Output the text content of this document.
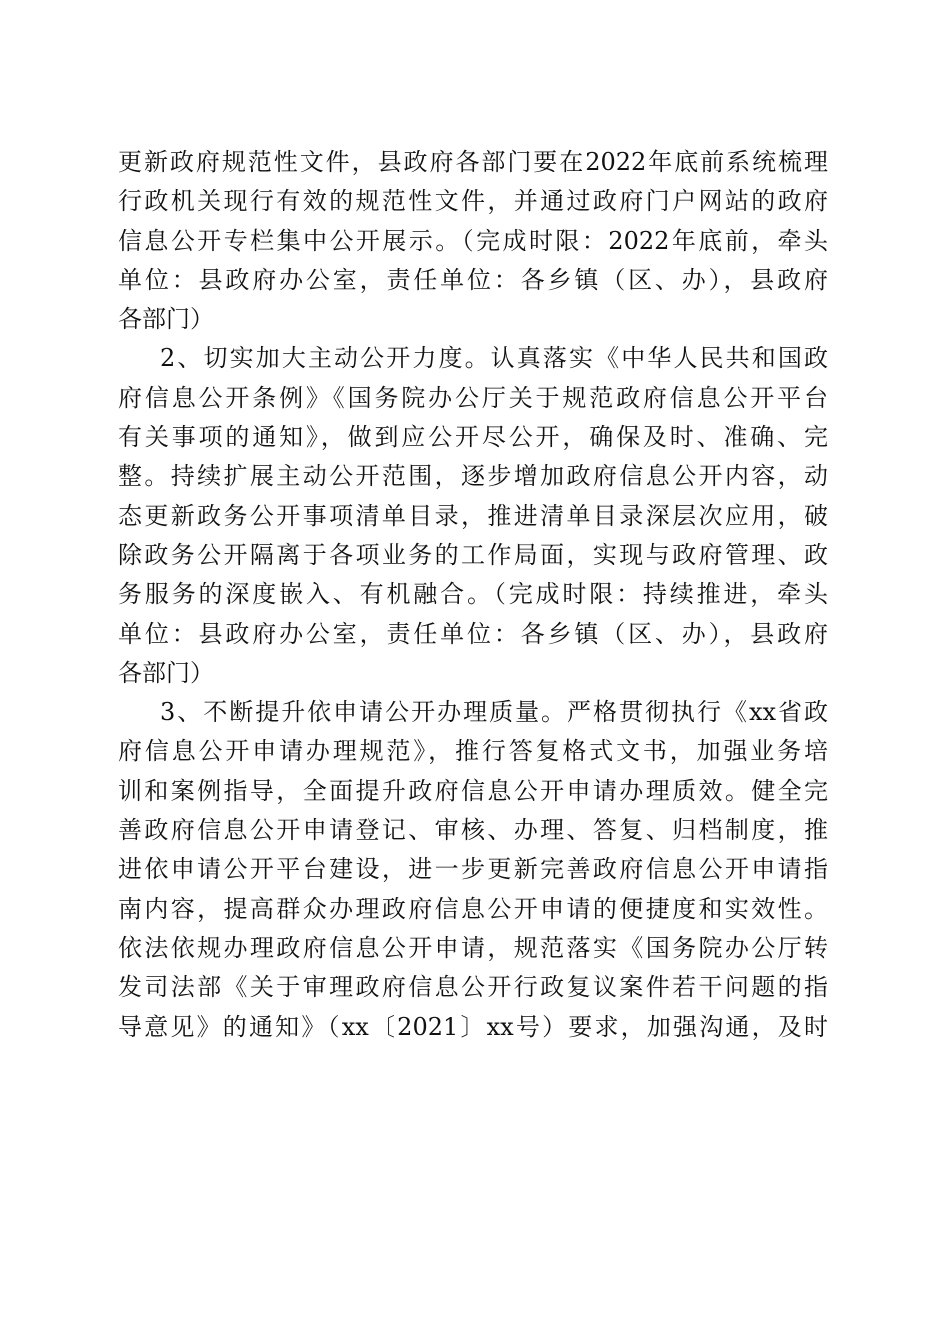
更新政府规范性文件，县政府各部门要在2022年底前系统梳理
行政机关现行有效的规范性文件，并通过政府门户网站的政府
信息公开专栏集中公开展示。（完成时限：2022年底前，牵头
单位：县政府办公室，责任单位：各乡镇（区、办），县政府
各部门）
2、切实加大主动公开力度。认真落实《中华人民共和国政
府信息公开条例》《国务院办公厅关于规范政府信息公开平台
有关事项的通知》，做到应公开尽公开，确保及时、准确、完
整。持续扩展主动公开范围，逐步增加政府信息公开内容，动
态更新政务公开事项清单目录，推进清单目录深层次应用，破
除政务公开隔离于各项业务的工作局面，实现与政府管理、政
务服务的深度嵌入、有机融合。（完成时限：持续推进，牵头
单位：县政府办公室，责任单位：各乡镇（区、办），县政府
各部门）
3、不断提升依申请公开办理质量。严格贯彻执行《xx省政
府信息公开申请办理规范》，推行答复格式文书，加强业务培
训和案例指导，全面提升政府信息公开申请办理质效。健全完
善政府信息公开申请登记、审核、办理、答复、归档制度，推
进依申请公开平台建设，进一步更新完善政府信息公开申请指
南内容，提高群众办理政府信息公开申请的便捷度和实效性。
依法依规办理政府信息公开申请，规范落实《国务院办公厅转
发司法部《关于审理政府信息公开行政复议案件若干问题的指
导意见》的通知》（xx〔2021〕xx号）要求，加强沟通，及时
